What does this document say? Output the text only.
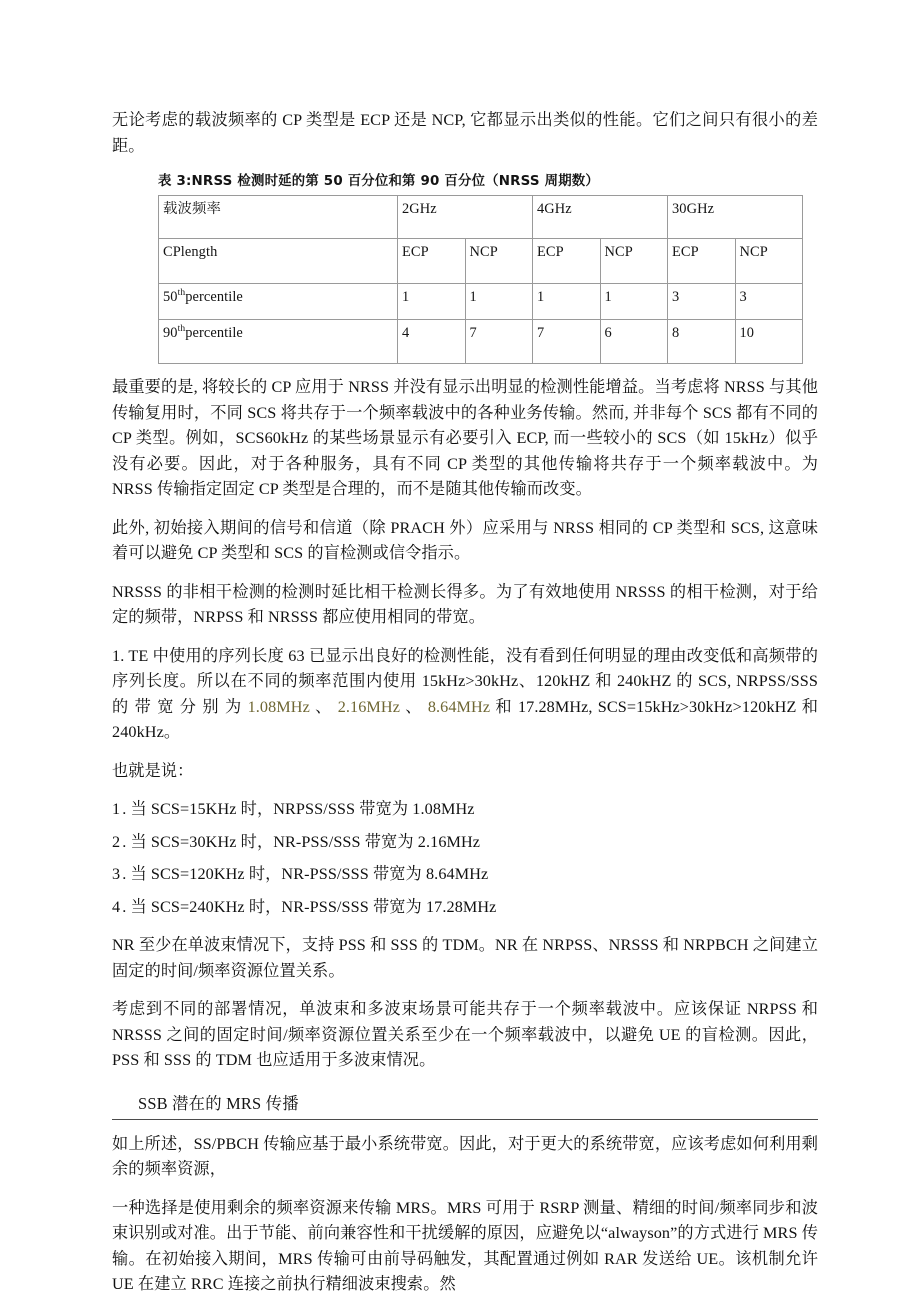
无论考虑的载波频率的 CP 类型是 ECP 还是 NCP, 它都显示出类似的性能。它们之间只有很小的差距。

表 3:NRSS 检测时延的第 50 百分位和第 90 百分位（NRSS 周期数）
载波频率	2GHz		4GHz		30GHz	
CPlength	ECP	NCP	ECP	NCP	ECP	NCP
50thpercentile	1	1	1	1	3	3
90thpercentile	4	7	7	6	8	10

最重要的是, 将较长的 CP 应用于 NRSS 并没有显示出明显的检测性能增益。当考虑将 NRSS 与其他传输复用时，不同 SCS 将共存于一个频率载波中的各种业务传输。然而, 并非每个 SCS 都有不同的 CP 类型。例如，SCS60kHz 的某些场景显示有必要引入 ECP, 而一些较小的 SCS（如 15kHz）似乎没有必要。因此，对于各种服务，具有不同 CP 类型的其他传输将共存于一个频率载波中。为 NRSS 传输指定固定 CP 类型是合理的，而不是随其他传输而改变。

此外, 初始接入期间的信号和信道（除 PRACH 外）应采用与 NRSS 相同的 CP 类型和 SCS, 这意味着可以避免 CP 类型和 SCS 的盲检测或信令指示。

NRSSS 的非相干检测的检测时延比相干检测长得多。为了有效地使用 NRSSS 的相干检测，对于给定的频带，NRPSS 和 NRSSS 都应使用相同的带宽。

1. TE 中使用的序列长度 63 已显示出良好的检测性能，没有看到任何明显的理由改变低和高频带的序列长度。所以在不同的频率范围内使用 15kHz>30kHz、120kHZ 和 240kHZ 的 SCS, NRPSS/SSS 的 带 宽 分 别 为 1.08MHz 、 2.16MHz 、 8.64MHz 和 17.28MHz, SCS=15kHz>30kHz>120kHZ 和 240kHz。

也就是说：

1 . 当 SCS=15KHz 时，NRPSS/SSS 带宽为 1.08MHz
2 . 当 SCS=30KHz 时，NR-PSS/SSS 带宽为 2.16MHz
3 . 当 SCS=120KHz 时，NR-PSS/SSS 带宽为 8.64MHz
4 . 当 SCS=240KHz 时，NR-PSS/SSS 带宽为 17.28MHz

NR 至少在单波束情况下，支持 PSS 和 SSS 的 TDM。NR 在 NRPSS、NRSSS 和 NRPBCH 之间建立固定的时间/频率资源位置关系。

考虑到不同的部署情况，单波束和多波束场景可能共存于一个频率载波中。应该保证 NRPSS 和 NRSSS 之间的固定时间/频率资源位置关系至少在一个频率载波中，以避免 UE 的盲检测。因此，PSS 和 SSS 的 TDM 也应适用于多波束情况。

SSB 潜在的 MRS 传播

如上所述，SS/PBCH 传输应基于最小系统带宽。因此，对于更大的系统带宽，应该考虑如何利用剩余的频率资源，

一种选择是使用剩余的频率资源来传输 MRS。MRS 可用于 RSRP 测量、精细的时间/频率同步和波束识别或对准。出于节能、前向兼容性和干扰缓解的原因，应避免以“alwayson”的方式进行 MRS 传输。在初始接入期间，MRS 传输可由前导码触发，其配置通过例如 RAR 发送给 UE。该机制允许 UE 在建立 RRC 连接之前执行精细波束搜索。然
